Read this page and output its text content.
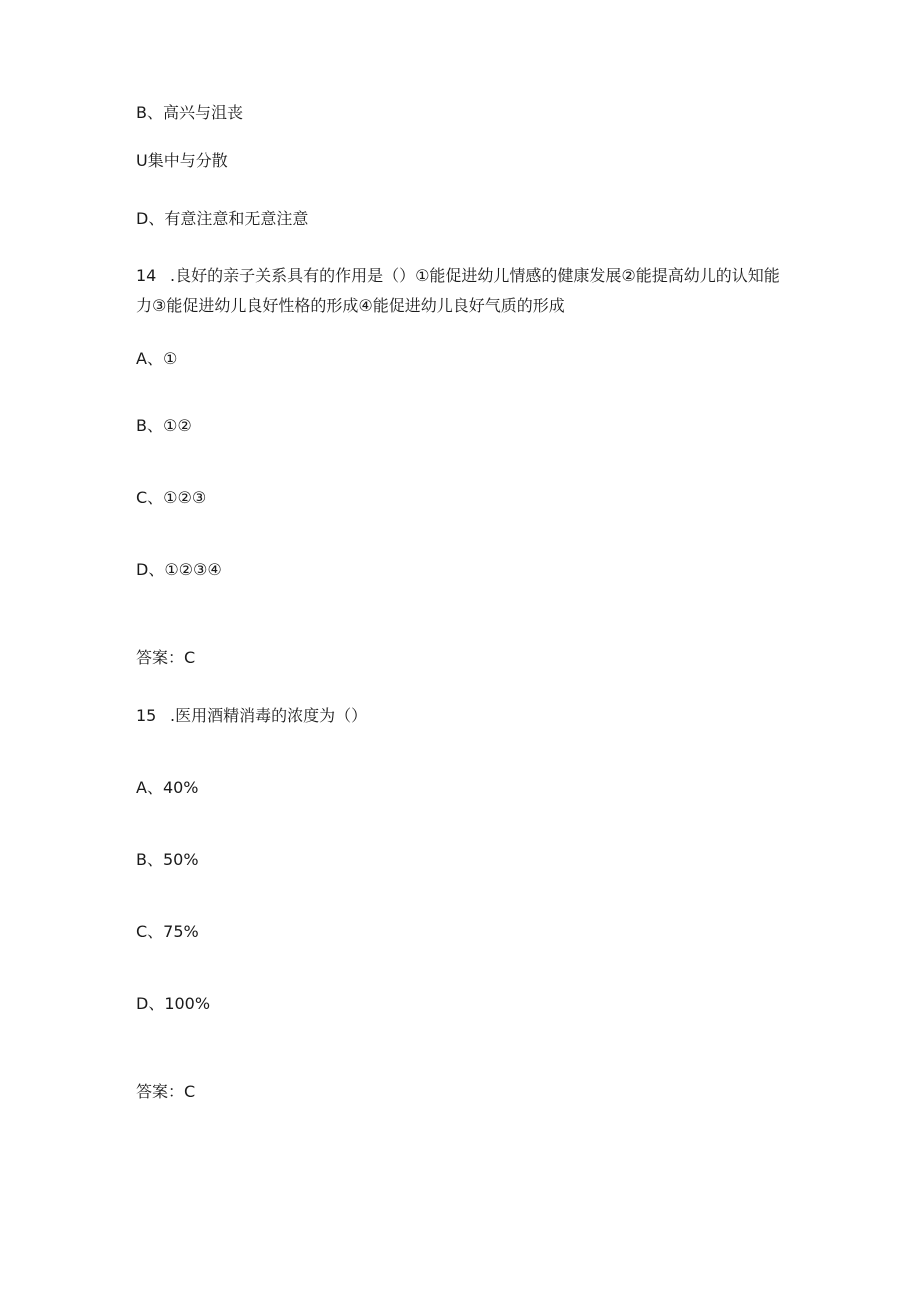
B、高兴与沮丧
U集中与分散
D、有意注意和无意注意
14 .良好的亲子关系具有的作用是（）①能促进幼儿情感的健康发展②能提高幼儿的认知能力③能促进幼儿良好性格的形成④能促进幼儿良好气质的形成
A、①
B、①②
C、①②③
D、①②③④
答案：C
15 .医用酒精消毒的浓度为（）
A、40%
B、50%
C、75%
D、100%
答案：C
